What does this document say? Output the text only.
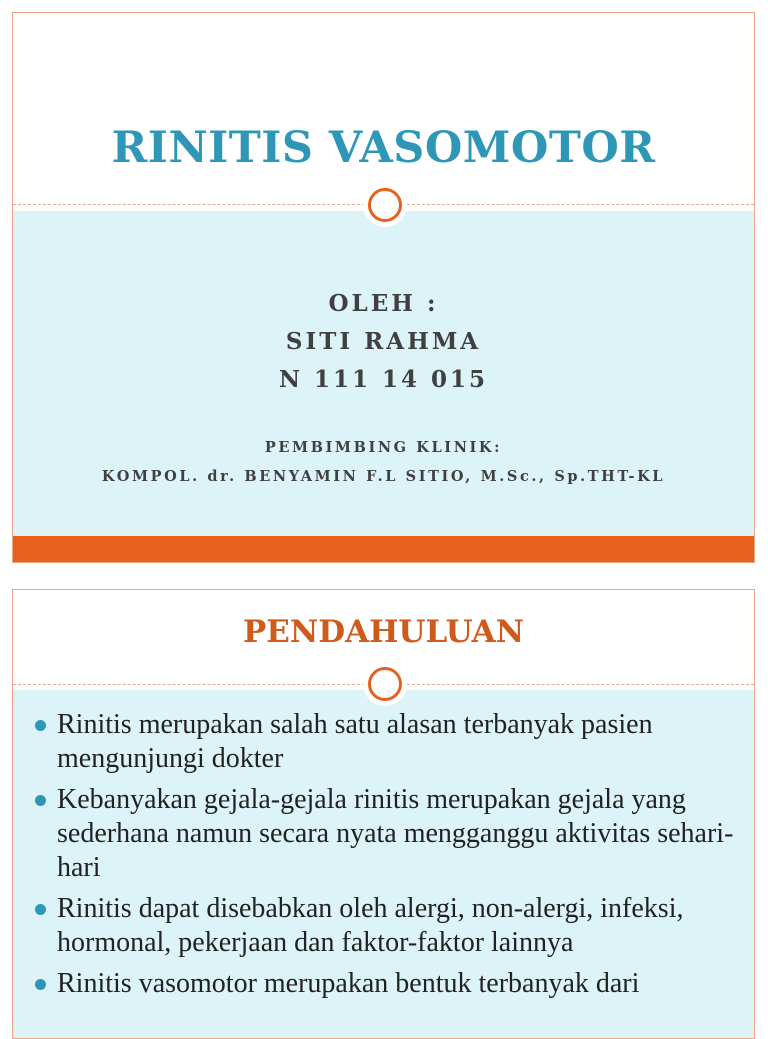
RINITIS VASOMOTOR
OLEH :
SITI RAHMA
N 111 14 015
PEMBIMBING KLINIK:
KOMPOL. dr. BENYAMIN F.L SITIO, M.Sc., Sp.THT-KL
PENDAHULUAN
Rinitis merupakan salah satu alasan terbanyak pasien mengunjungi dokter
Kebanyakan gejala-gejala rinitis merupakan gejala yang sederhana namun secara nyata mengganggu aktivitas sehari-hari
Rinitis dapat disebabkan oleh alergi, non-alergi, infeksi, hormonal, pekerjaan dan faktor-faktor lainnya
Rinitis vasomotor merupakan bentuk terbanyak dari
